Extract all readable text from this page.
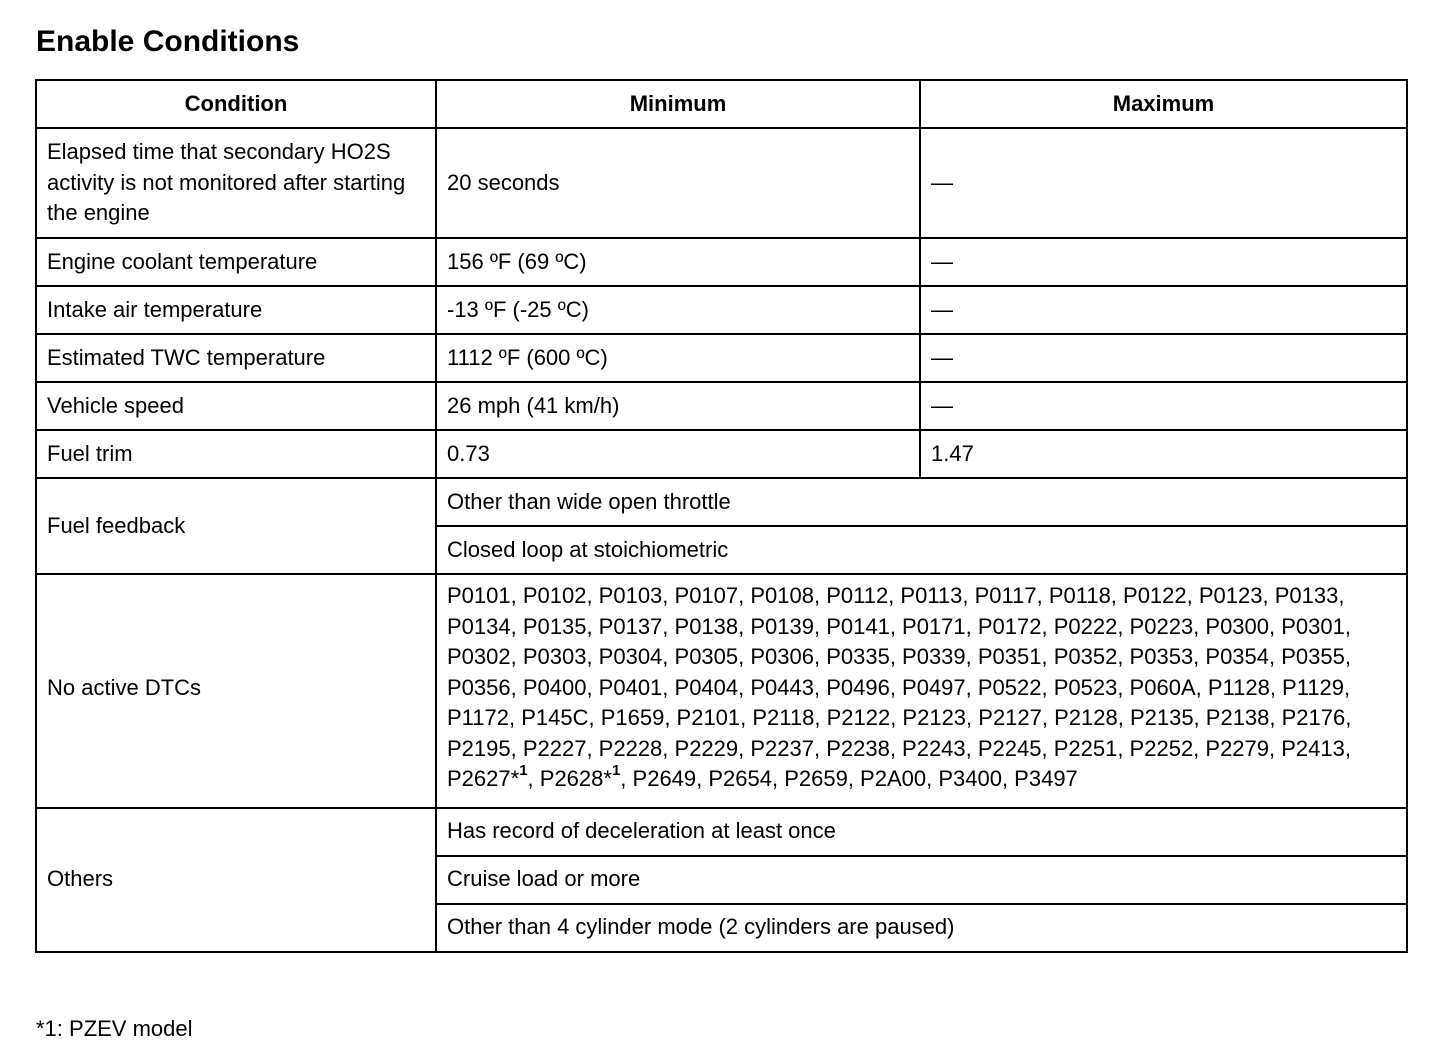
Enable Conditions
Condition	Minimum	Maximum
Elapsed time that secondary HO2S activity is not monitored after starting the engine	20 seconds	—
Engine coolant temperature	156 ºF (69 ºC)	—
Intake air temperature	-13 ºF (-25 ºC)	—
Estimated TWC temperature	1112 ºF (600 ºC)	—
Vehicle speed	26 mph (41 km/h)	—
Fuel trim	0.73	1.47
Fuel feedback	Other than wide open throttle	
	Closed loop at stoichiometric	
No active DTCs	P0101, P0102, P0103, P0107, P0108, P0112, P0113, P0117, P0118, P0122, P0123, P0133, P0134, P0135, P0137, P0138, P0139, P0141, P0171, P0172, P0222, P0223, P0300, P0301, P0302, P0303, P0304, P0305, P0306, P0335, P0339, P0351, P0352, P0353, P0354, P0355, P0356, P0400, P0401, P0404, P0443, P0496, P0497, P0522, P0523, P060A, P1128, P1129, P1172, P145C, P1659, P2101, P2118, P2122, P2123, P2127, P2128, P2135, P2138, P2176, P2195, P2227, P2228, P2229, P2237, P2238, P2243, P2245, P2251, P2252, P2279, P2413, P2627*$^1$, P2628*$^1$, P2649, P2654, P2659, P2A00, P3400, P3497	
Others	Has record of deceleration at least once	
	Cruise load or more	
	Other than 4 cylinder mode (2 cylinders are paused)	
*1: PZEV model
